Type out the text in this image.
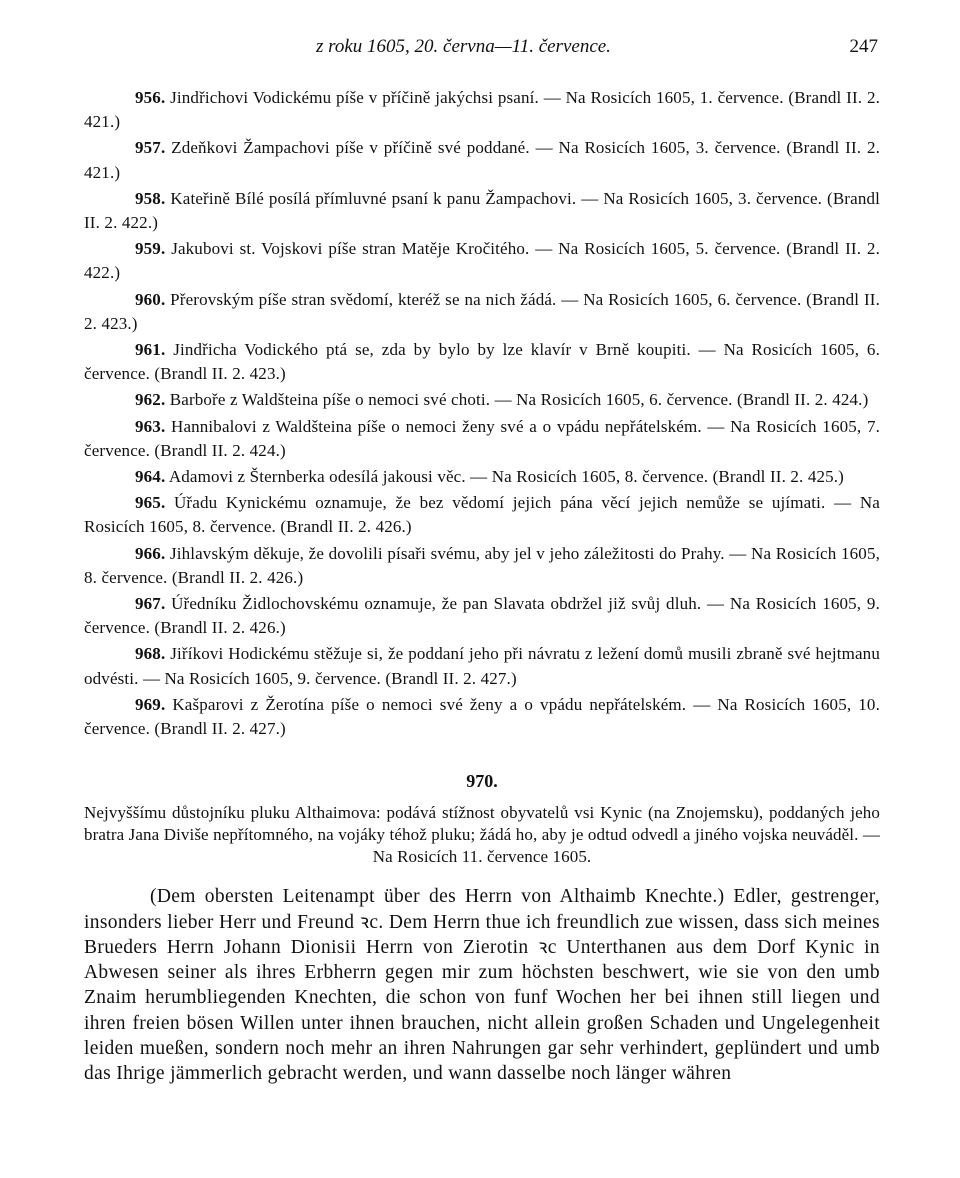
z roku 1605, 20. června—11. července.	247

956. Jindřichovi Vodickému píše v příčině jakýchsi psaní. — Na Rosicích 1605, 1. července. (Brandl II. 2. 421.)

957. Zdeňkovi Žampachovi píše v příčině své poddané. — Na Rosicích 1605, 3. července. (Brandl II. 2. 421.)

958. Kateřině Bílé posílá přímluvné psaní k panu Žampachovi. — Na Rosicích 1605, 3. července. (Brandl II. 2. 422.)

959. Jakubovi st. Vojskovi píše stran Matěje Kročitého. — Na Rosicích 1605, 5. července. (Brandl II. 2. 422.)

960. Přerovským píše stran svědomí, kteréž se na nich žádá. — Na Rosicích 1605, 6. července. (Brandl II. 2. 423.)

961. Jindřicha Vodického ptá se, zda by bylo by lze klavír v Brně koupiti. — Na Rosicích 1605, 6. července. (Brandl II. 2. 423.)

962. Barboře z Waldšteina píše o nemoci své choti. — Na Rosicích 1605, 6. července. (Brandl II. 2. 424.)

963. Hannibalovi z Waldšteina píše o nemoci ženy své a o vpádu nepřátelském. — Na Rosicích 1605, 7. července. (Brandl II. 2. 424.)

964. Adamovi z Šternberka odesílá jakousi věc. — Na Rosicích 1605, 8. července. (Brandl II. 2. 425.)

965. Úřadu Kynickému oznamuje, že bez vědomí jejich pána věcí jejich nemůže se ujímati. — Na Rosicích 1605, 8. července. (Brandl II. 2. 426.)

966. Jihlavským děkuje, že dovolili písaři svému, aby jel v jeho záležitosti do Prahy. — Na Rosicích 1605, 8. července. (Brandl II. 2. 426.)

967. Úředníku Židlochovskému oznamuje, že pan Slavata obdržel již svůj dluh. — Na Rosicích 1605, 9. července. (Brandl II. 2. 426.)

968. Jiříkovi Hodickému stěžuje si, že poddaní jeho při návratu z ležení domů musili zbraně své hejtmanu odvésti. — Na Rosicích 1605, 9. července. (Brandl II. 2. 427.)

969. Kašparovi z Žerotína píše o nemoci své ženy a o vpádu nepřátelském. — Na Rosicích 1605, 10. července. (Brandl II. 2. 427.)

970.

Nejvyššímu důstojníku pluku Althaimova: podává stížnost obyvatelů vsi Kynic (na Znojemsku), poddaných jeho bratra Jana Diviše nepřítomného, na vojáky téhož pluku; žádá ho, aby je odtud odvedl a jiného vojska neuváděl. — Na Rosicích 11. července 1605.

(Dem obersten Leitenampt über des Herrn von Althaimb Knechte.) Edler, gestrenger, insonders lieber Herr und Freund ꝛc. Dem Herrn thue ich freundlich zue wissen, dass sich meines Brueders Herrn Johann Dionisii Herrn von Zierotin ꝛc Unterthanen aus dem Dorf Kynic in Abwesen seiner als ihres Erbherrn gegen mir zum höchsten beschwert, wie sie von den umb Znaim herumbliegenden Knechten, die schon von funf Wochen her bei ihnen still liegen und ihren freien bösen Willen unter ihnen brauchen, nicht allein großen Schaden und Ungelegenheit leiden mueßen, sondern noch mehr an ihren Nahrungen gar sehr verhindert, geplündert und umb das Ihrige jämmerlich gebracht werden, und wann dasselbe noch länger währen
